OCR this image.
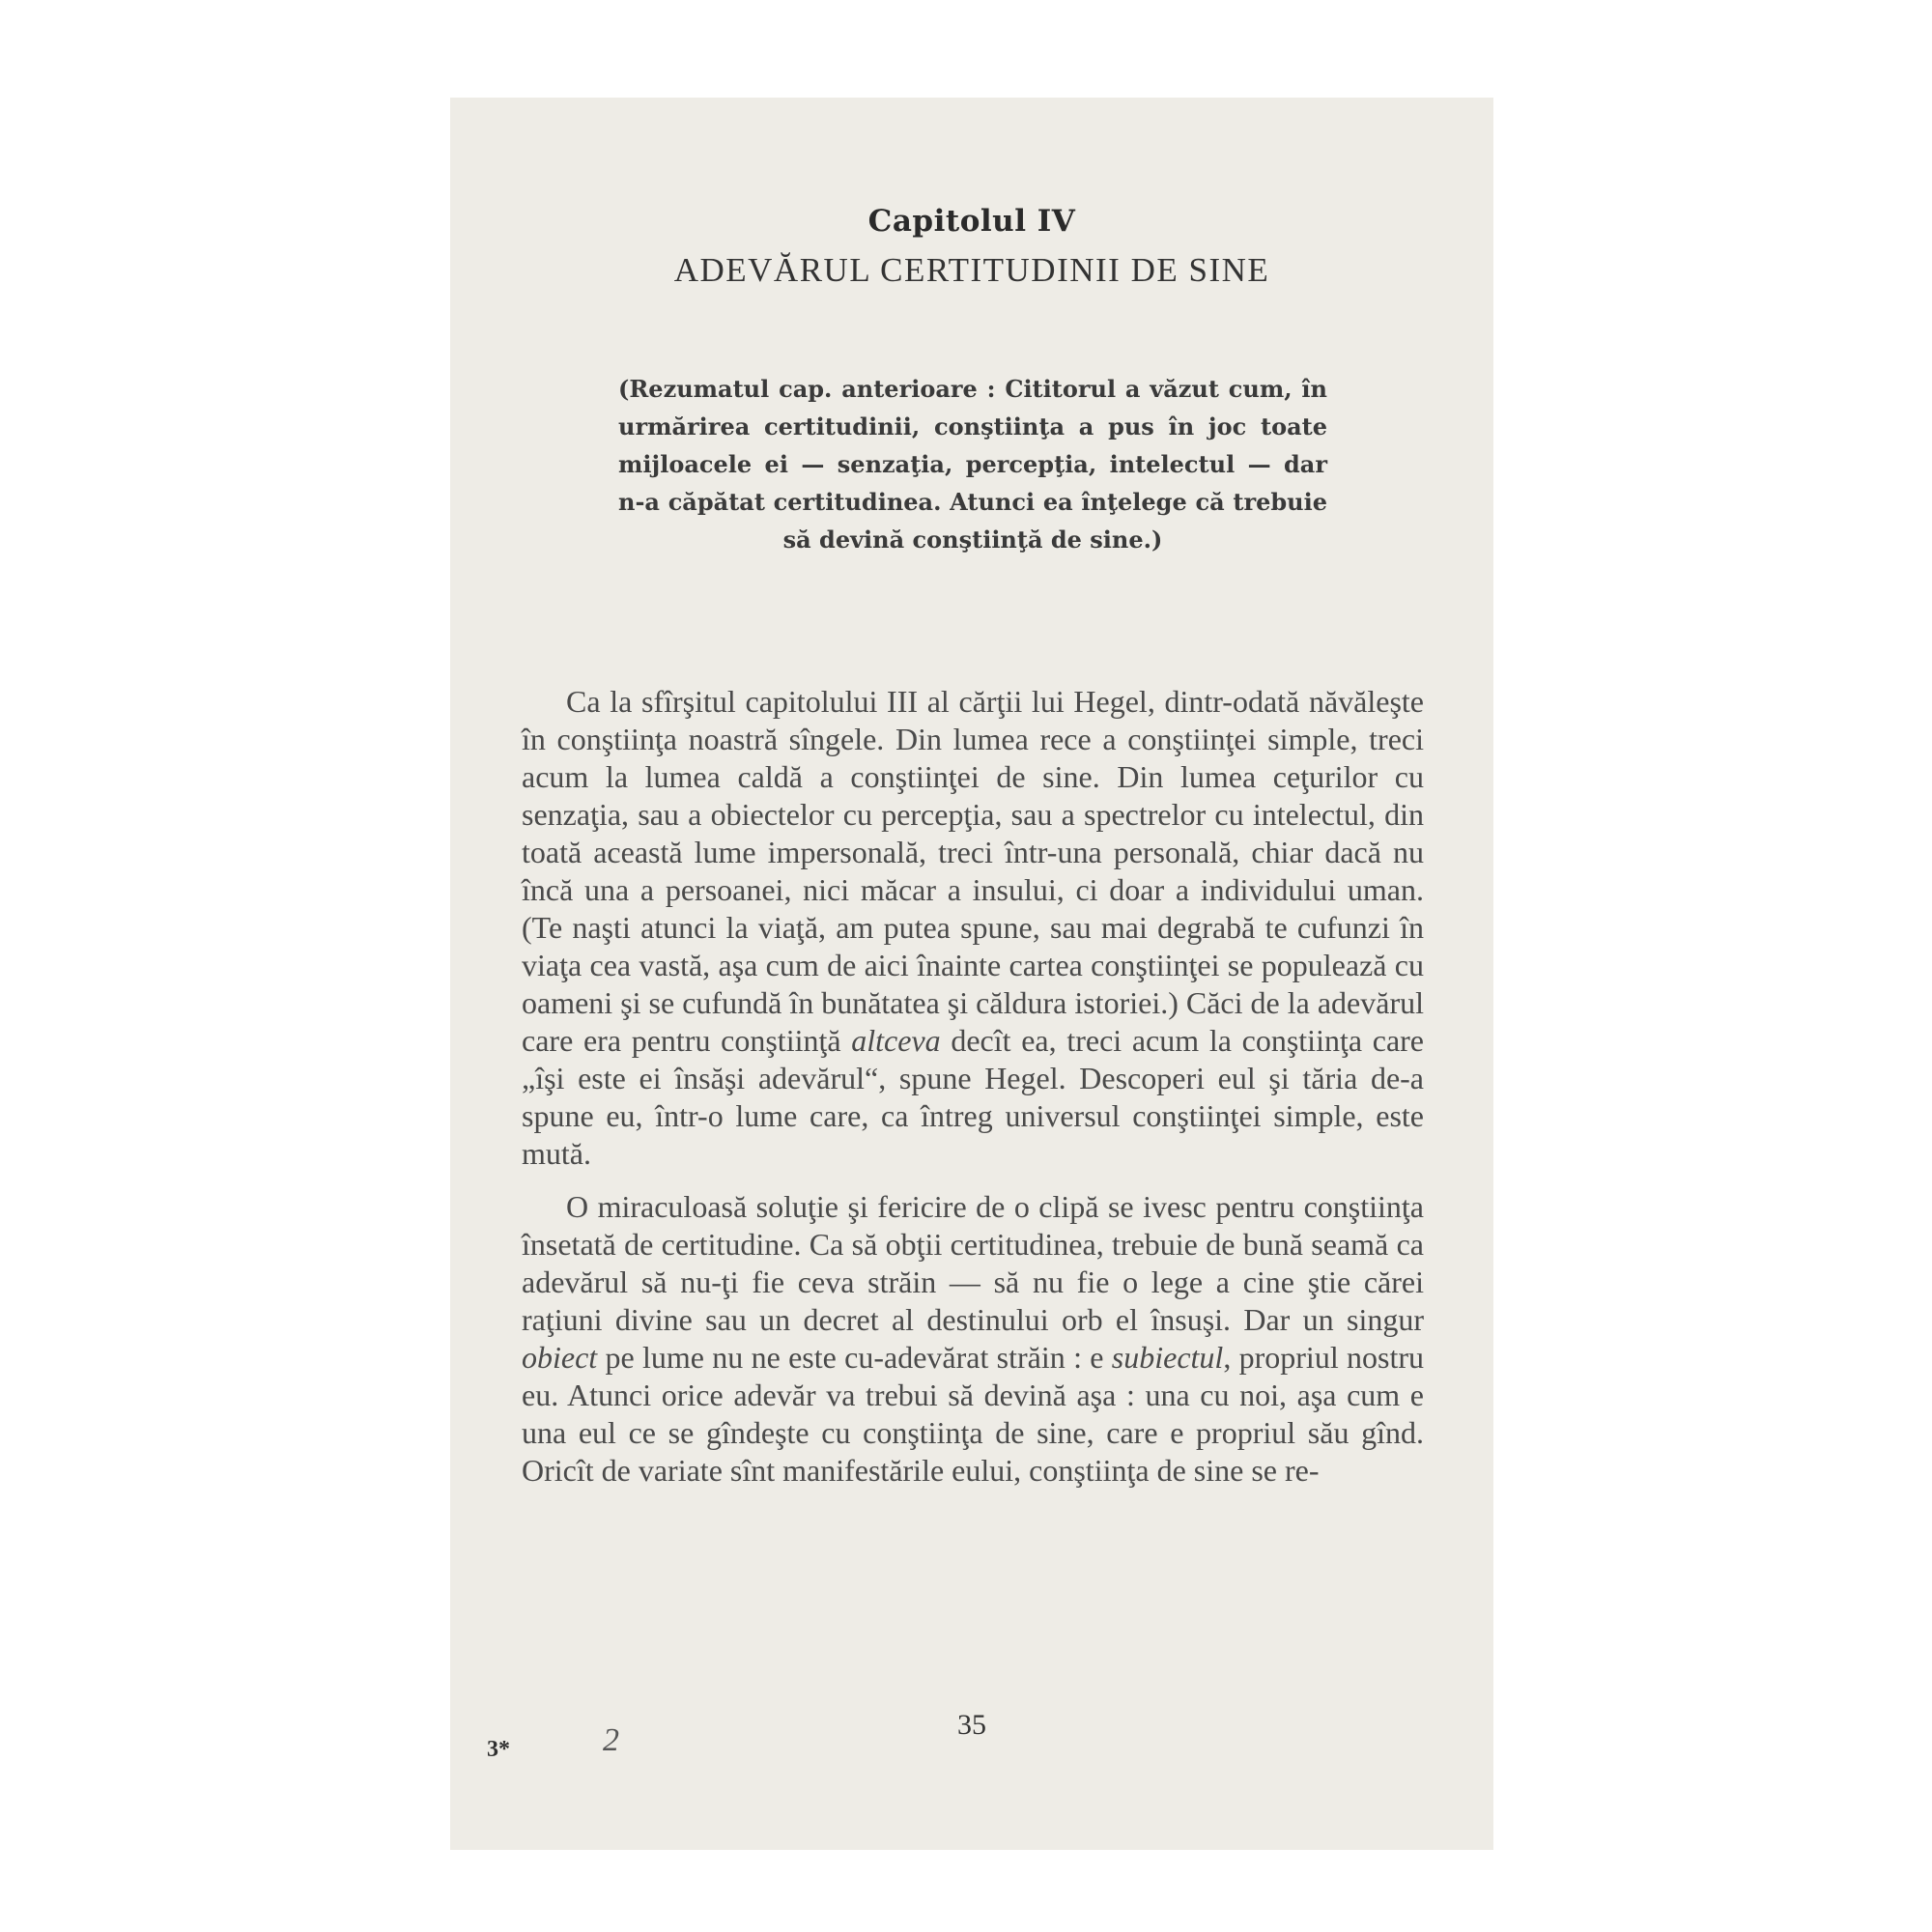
Capitolul IV
ADEVĂRUL CERTITUDINII DE SINE

(Rezumatul cap. anterioare : Cititorul a văzut cum, în urmărirea certitudinii, conştiinţa a pus în joc toate mijloacele ei — senzaţia, percepţia, intelectul — dar n-a căpătat certitudinea. Atunci ea înţelege că trebuie să devină conştiinţă de sine.)

Ca la sfîrşitul capitolului III al cărţii lui Hegel, dintr-odată năvăleşte în conştiinţa noastră sîngele. Din lumea rece a conştiinţei simple, treci acum la lumea caldă a conştiinţei de sine. Din lumea ceţurilor cu senzaţia, sau a obiectelor cu percepţia, sau a spectrelor cu intelectul, din toată această lume impersonală, treci într-una personală, chiar dacă nu încă una a persoanei, nici măcar a insului, ci doar a individului uman. (Te naşti atunci la viaţă, am putea spune, sau mai degrabă te cufunzi în viaţa cea vastă, aşa cum de aici înainte cartea conştiinţei se populează cu oameni şi se cufundă în bunătatea şi căldura istoriei.) Căci de la adevărul care era pentru conştiinţă altceva decît ea, treci acum la conştiinţa care „îşi este ei însăşi adevărul“, spune Hegel. Descoperi eul şi tăria de-a spune eu, într-o lume care, ca întreg universul conştiinţei simple, este mută.

O miraculoasă soluţie şi fericire de o clipă se ivesc pentru conştiinţa însetată de certitudine. Ca să obţii certitudinea, trebuie de bună seamă ca adevărul să nu-ţi fie ceva străin — să nu fie o lege a cine ştie cărei raţiuni divine sau un decret al destinului orb el însuşi. Dar un singur obiect pe lume nu ne este cu-adevărat străin : e subiectul, propriul nostru eu. Atunci orice adevăr va trebui să devină aşa : una cu noi, aşa cum e una eul ce se gîndeşte cu conştiinţa de sine, care e propriul său gînd. Oricît de variate sînt manifestările eului, conştiinţa de sine se re-

35
3*	2
